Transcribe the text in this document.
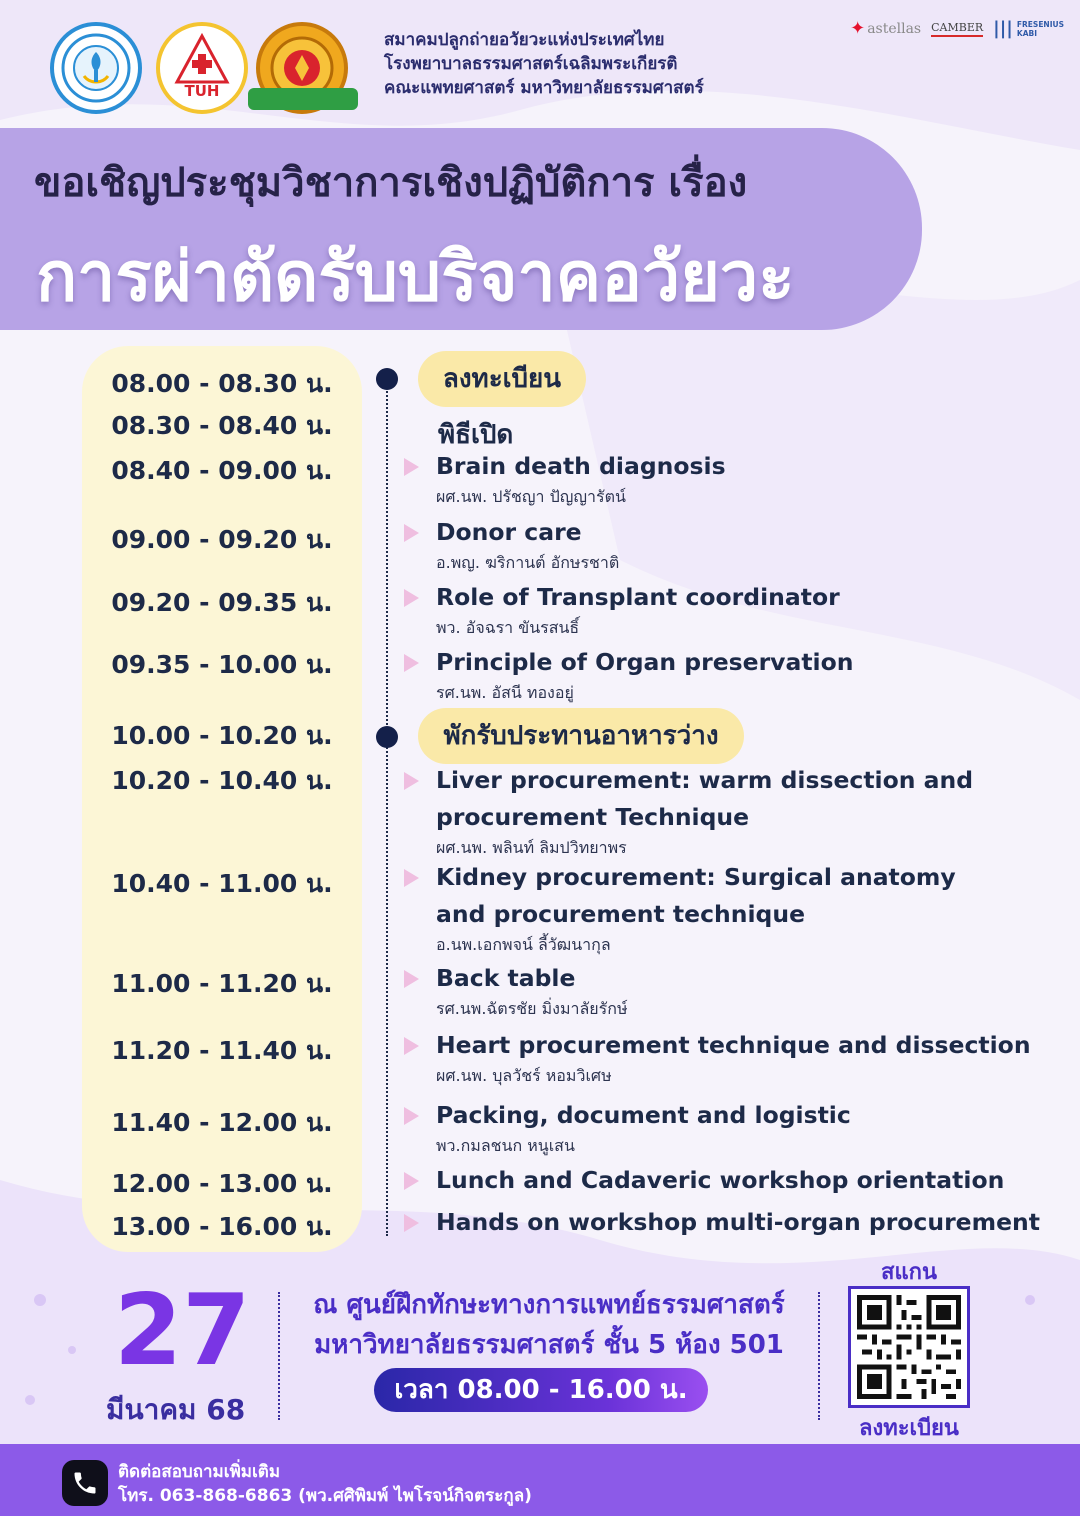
TUH
สมาคมปลูกถ่ายอวัยวะแห่งประเทศไทย
โรงพยาบาลธรรมศาสตร์เฉลิมพระเกียรติ
คณะแพทยศาสตร์ มหาวิทยาลัยธรรมศาสตร์
✦ astellas CAMBER ||| FRESENIUS
KABI
ขอเชิญประชุมวิชาการเชิงปฏิบัติการ เรื่อง
การผ่าตัดรับบริจาคอวัยวะ
08.00 - 08.30 น.
08.30 - 08.40 น.
08.40 - 09.00 น.
09.00 - 09.20 น.
09.20 - 09.35 น.
09.35 - 10.00 น.
10.00 - 10.20 น.
10.20 - 10.40 น.
10.40 - 11.00 น.
11.00 - 11.20 น.
11.20 - 11.40 น.
11.40 - 12.00 น.
12.00 - 13.00 น.
13.00 - 16.00 น.
ลงทะเบียน
พิธีเปิด
พักรับประทานอาหารว่าง
Brain death diagnosis
ผศ.นพ. ปรัชญา ปัญญารัตน์
Donor care
อ.พญ. ฆริกานต์ อักษรชาติ
Role of Transplant coordinator
พว. อัจฉรา ขันรสนธิ์
Principle of Organ preservation
รศ.นพ. อัสนี ทองอยู่
Liver procurement: warm dissection and
procurement Technique
ผศ.นพ. พลินท์ ลิมปวิทยาพร
Kidney procurement: Surgical anatomy
and procurement technique
อ.นพ.เอกพจน์ ลี้วัฒนากุล
Back table
รศ.นพ.ฉัตรชัย มิ่งมาลัยรักษ์
Heart procurement technique and dissection
ผศ.นพ. บุลวัชร์ หอมวิเศษ
Packing, document and logistic
พว.กมลชนก หนูเสน
Lunch and Cadaveric workshop orientation
Hands on workshop multi-organ procurement
27
มีนาคม 68
ณ ศูนย์ฝึกทักษะทางการแพทย์ธรรมศาสตร์
มหาวิทยาลัยธรรมศาสตร์ ชั้น 5 ห้อง 501
เวลา 08.00 - 16.00 น.
สแกน
ลงทะเบียน
ติดต่อสอบถามเพิ่มเติม
โทร. 063-868-6863 (พว.ศศิพิมพ์ ไพโรจน์กิจตระกูล)
